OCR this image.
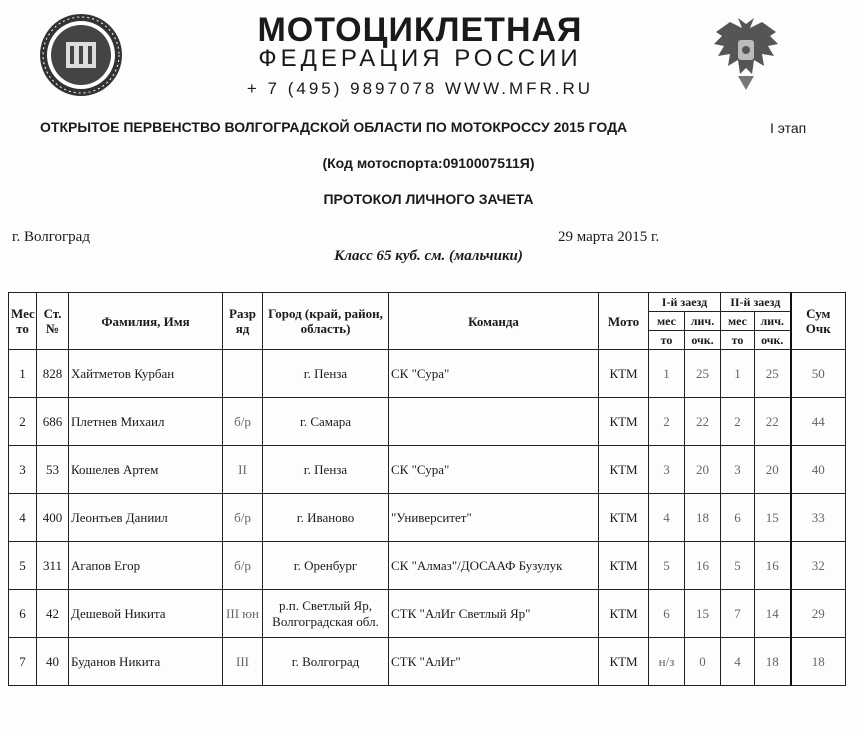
МОТОЦИКЛЕТНАЯ
ФЕДЕРАЦИЯ РОССИИ
+ 7 (495) 9897078 WWW.MFR.RU
ОТКРЫТОЕ ПЕРВЕНСТВО ВОЛГОГРАДСКОЙ ОБЛАСТИ ПО МОТОКРОССУ 2015 ГОДА	I этап
(Код мотоспорта:0910007511Я)
ПРОТОКОЛ ЛИЧНОГО ЗАЧЕТА
г. Волгоград	29 марта 2015 г.
Класс 65 куб. см. (мальчики)
Мес то	Ст. №	Фамилия, Имя	Разр яд	Город (край, район, область)	Команда	Мото	I-й заезд		II-й заезд		Сум Очк
							мес	лич.	мес	лич.	
							то	очк.	то	очк.	
1	828	Хайтметов Курбан		г. Пенза	СК "Сура"	КТМ	1	25	1	25	50
2	686	Плетнев Михаил	б/р	г. Самара		КТМ	2	22	2	22	44
3	53	Кошелев Артем	II	г. Пенза	СК "Сура"	КТМ	3	20	3	20	40
4	400	Леонтьев Даниил	б/р	г. Иваново	"Университет"	КТМ	4	18	6	15	33
5	311	Агапов Егор	б/р	г. Оренбург	СК "Алмаз"/ДОСААФ Бузулук	КТМ	5	16	5	16	32
6	42	Дешевой Никита	III юн	р.п. Светлый Яр, Волгоградская обл.	СТК "АлИг Светлый Яр"	КТМ	6	15	7	14	29
7	40	Буданов Никита	III	г. Волгоград	СТК "АлИг"	КТМ	н/з	0	4	18	18
